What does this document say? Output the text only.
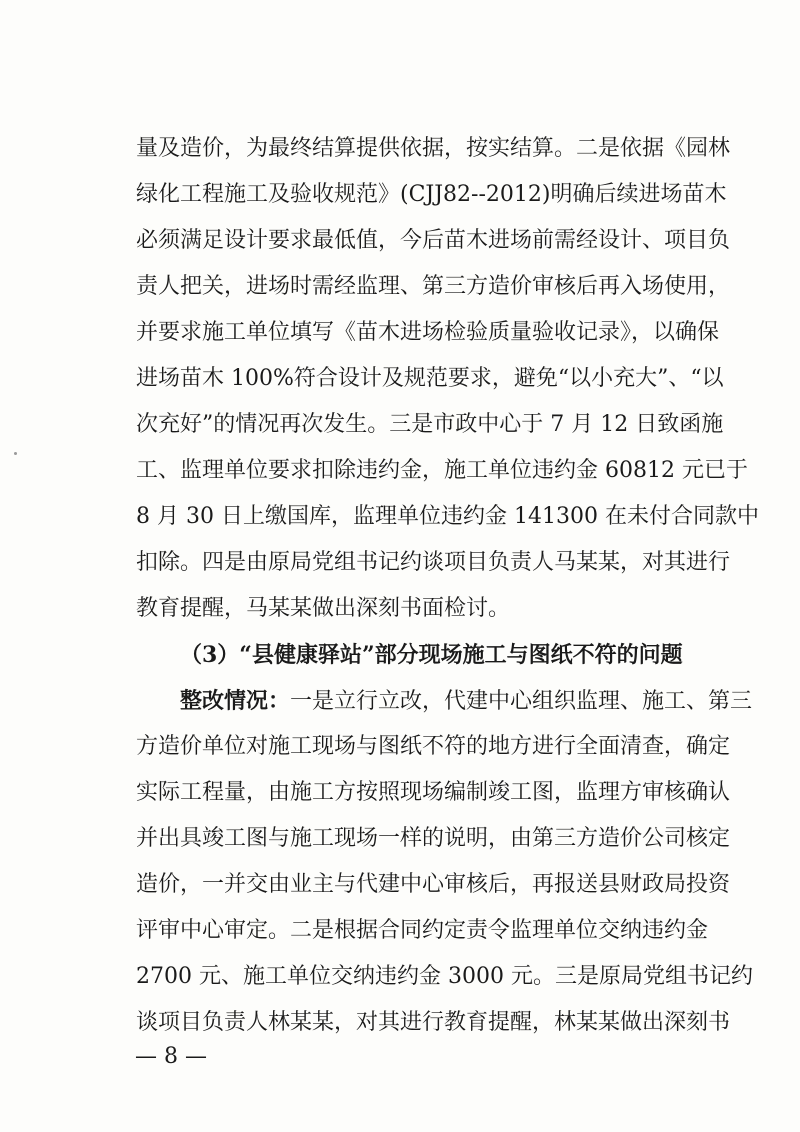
量及造价，为最终结算提供依据，按实结算。二是依据《园林
绿化工程施工及验收规范》(CJJ82--2012)明确后续进场苗木
必须满足设计要求最低值，今后苗木进场前需经设计、项目负
责人把关，进场时需经监理、第三方造价审核后再入场使用，
并要求施工单位填写《苗木进场检验质量验收记录》，以确保
进场苗木 100%符合设计及规范要求，避免“以小充大”、“以
次充好”的情况再次发生。三是市政中心于 7 月 12 日致函施
工、监理单位要求扣除违约金，施工单位违约金 60812 元已于
8 月 30 日上缴国库，监理单位违约金 141300 在未付合同款中
扣除。四是由原局党组书记约谈项目负责人马某某，对其进行
教育提醒，马某某做出深刻书面检讨。
（3）“县健康驿站”部分现场施工与图纸不符的问题
整改情况：一是立行立改，代建中心组织监理、施工、第三
方造价单位对施工现场与图纸不符的地方进行全面清查，确定
实际工程量，由施工方按照现场编制竣工图，监理方审核确认
并出具竣工图与施工现场一样的说明，由第三方造价公司核定
造价，一并交由业主与代建中心审核后，再报送县财政局投资
评审中心审定。二是根据合同约定责令监理单位交纳违约金
2700 元、施工单位交纳违约金 3000 元。三是原局党组书记约
谈项目负责人林某某，对其进行教育提醒，林某某做出深刻书
— 8 —
